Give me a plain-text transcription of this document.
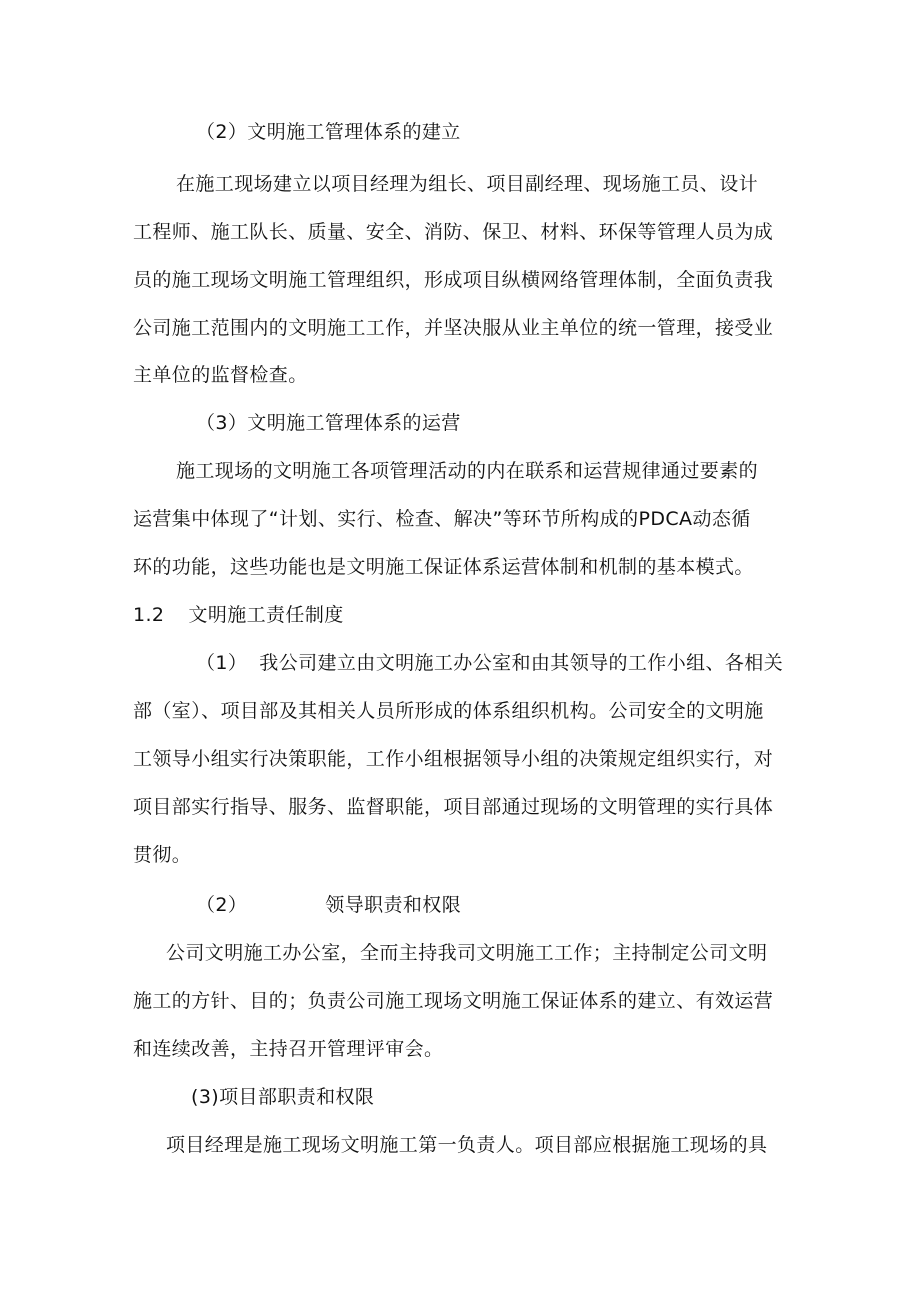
（2）文明施工管理体系的建立
在施工现场建立以项目经理为组长、项目副经理、现场施工员、设计
工程师、施工队长、质量、安全、消防、保卫、材料、环保等管理人员为成
员的施工现场文明施工管理组织，形成项目纵横网络管理体制，全面负责我
公司施工范围内的文明施工工作，并坚决服从业主单位的统一管理，接受业
主单位的监督检查。
（3）文明施工管理体系的运营
施工现场的文明施工各项管理活动的内在联系和运营规律通过要素的
运营集中体现了“计划、实行、检查、解决”等环节所构成的PDCA动态循
环的功能，这些功能也是文明施工保证体系运营体制和机制的基本模式。
1.2 文明施工责任制度
（1） 我公司建立由文明施工办公室和由其领导的工作小组、各相关
部（室）、项目部及其相关人员所形成的体系组织机构。公司安全的文明施
工领导小组实行决策职能，工作小组根据领导小组的决策规定组织实行，对
项目部实行指导、服务、监督职能，项目部通过现场的文明管理的实行具体
贯彻。
（2）	领导职责和权限
公司文明施工办公室，全而主持我司文明施工工作；主持制定公司文明
施工的方针、目的；负责公司施工现场文明施工保证体系的建立、有效运营
和连续改善，主持召开管理评审会。
(3)项目部职责和权限
项目经理是施工现场文明施工第一负责人。项目部应根据施工现场的具
